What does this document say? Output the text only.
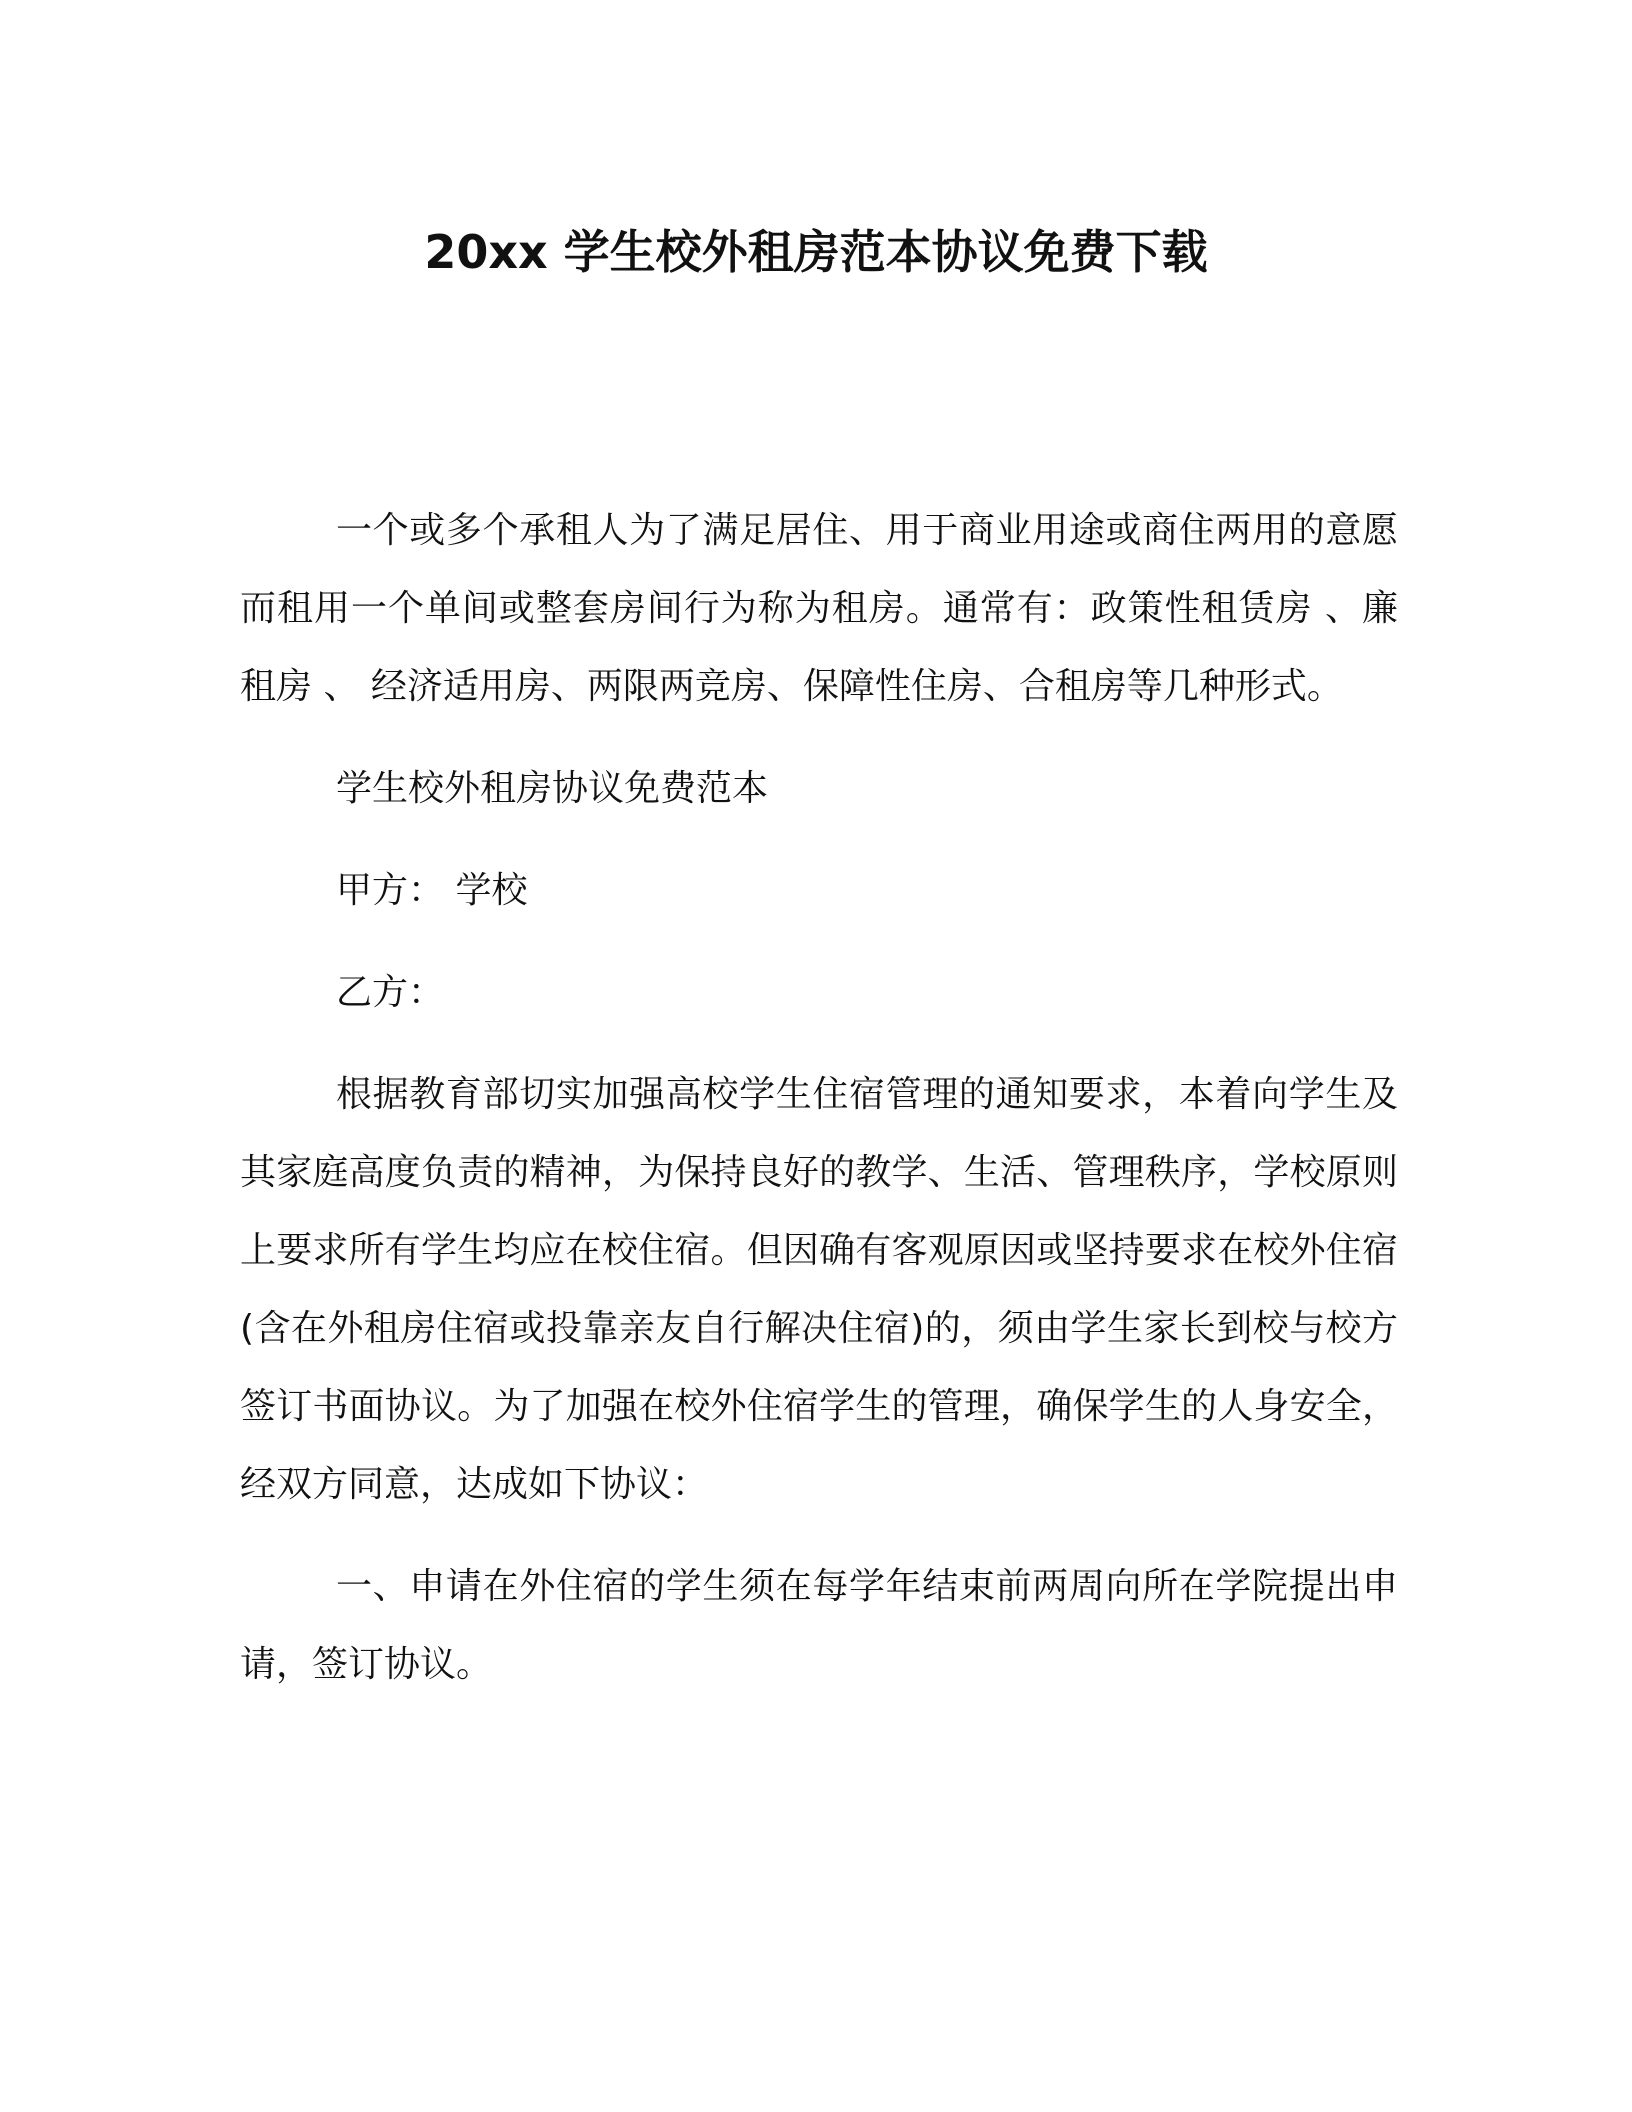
20xx 学生校外租房范本协议免费下载

一个或多个承租人为了满足居住、用于商业用途或商住两用的意愿而租用一个单间或整套房间行为称为租房。通常有：政策性租赁房 、廉租房 、 经济适用房、两限两竞房、保障性住房、合租房等几种形式。

学生校外租房协议免费范本

甲方： 学校

乙方：

根据教育部切实加强高校学生住宿管理的通知要求，本着向学生及其家庭高度负责的精神，为保持良好的教学、生活、管理秩序，学校原则上要求所有学生均应在校住宿。但因确有客观原因或坚持要求在校外住宿(含在外租房住宿或投靠亲友自行解决住宿)的，须由学生家长到校与校方签订书面协议。为了加强在校外住宿学生的管理，确保学生的人身安全，经双方同意，达成如下协议：

一、申请在外住宿的学生须在每学年结束前两周向所在学院提出申请，签订协议。
